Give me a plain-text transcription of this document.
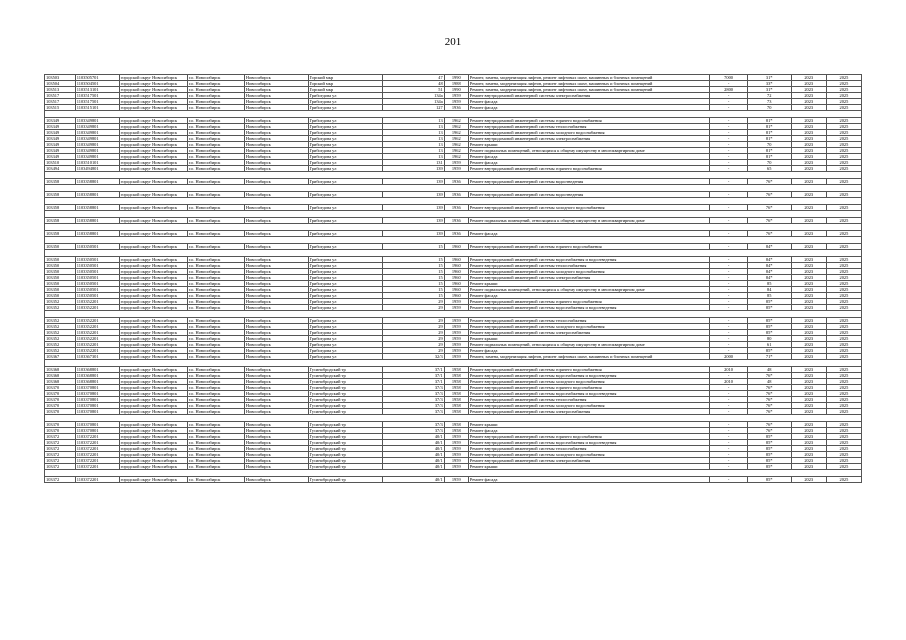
201
103503	1103505701	городской округ Новосибирск	г.о. Новосибирск	Новосибирск	Горский мкр	47	1990	Ремонт, замена, модернизация лифтов, ремонт лифтовых шахт, машинных и блочных помещений	7000	31*	2023	2025
103504	1103504501	городской округ Новосибирск	г.о. Новосибирск	Новосибирск	Горский мкр	48	1988	Ремонт, замена, модернизация лифтов, ремонт лифтовых шахт, машинных и блочных помещений	-	33*	2023	2025
103513	1103513101	городской округ Новосибирск	г.о. Новосибирск	Новосибирск	Горский мкр	51	1990	Ремонт, замена, модернизация лифтов, ремонт лифтовых шахт, машинных и блочных помещений	2800	31*	2023	2025
103517	1103517501	городской округ Новосибирск	г.о. Новосибирск	Новосибирск	Грибоедова ул	134а	1959	Ремонт внутридомовой инженерной системы электроснабжения	-	72	2023	2025
103517	1103517501	городской округ Новосибирск	г.о. Новосибирск	Новосибирск	Грибоедова ул	134а	1959	Ремонт фасада	-	73	2023	2025
103515	1103515101	городской округ Новосибирск	г.о. Новосибирск	Новосибирск	Грибоедова ул	127	1936	Ремонт фасада	-	70	2023	2025

103349	1103349801	городской округ Новосибирск	г.о. Новосибирск	Новосибирск	Грибоедова ул	13	1962	Ремонт внутридомовой инженерной системы горячего водоснабжения	-	81*	2023	2025
103349	1103349801	городской округ Новосибирск	г.о. Новосибирск	Новосибирск	Грибоедова ул	13	1962	Ремонт внутридомовой инженерной системы теплоснабжения	-	81*	2023	2025
103349	1103349801	городской округ Новосибирск	г.о. Новосибирск	Новосибирск	Грибоедова ул	13	1962	Ремонт внутридомовой инженерной системы холодного водоснабжения	-	81*	2023	2025
103349	1103349801	городской округ Новосибирск	г.о. Новосибирск	Новосибирск	Грибоедова ул	13	1962	Ремонт внутридомовой инженерной системы электроснабжения	-	81*	2023	2025
103349	1103349801	городской округ Новосибирск	г.о. Новосибирск	Новосибирск	Грибоедова ул	13	1962	Ремонт крыши	-	70	2023	2025
103349	1103349801	городской округ Новосибирск	г.о. Новосибирск	Новосибирск	Грибоедова ул	13	1962	Ремонт подвальных помещений, относящихся к общему имуществу в многоквартирном доме	-	81*	2023	2025
103349	1103349801	городской округ Новосибирск	г.о. Новосибирск	Новосибирск	Грибоедова ул	13	1962	Ремонт фасада	-	81*	2023	2025
103510	1103510101	городской округ Новосибирск	г.о. Новосибирск	Новосибирск	Грибоедова ул	131	1959	Ремонт фасада	-	70	2023	2025
103494	1103494801	городской округ Новосибирск	г.о. Новосибирск	Новосибирск	Грибоедова ул	139	1959	Ремонт внутридомовой инженерной системы горячего водоснабжения	-	65	2023	2025

103358	1103358801	городской округ Новосибирск	г.о. Новосибирск	Новосибирск	Грибоедова ул	139	1936	Ремонт внутридомовой инженерной системы водоотведения	-	76*	2023	2025

103358	1103358801	городской округ Новосибирск	г.о. Новосибирск	Новосибирск	Грибоедова ул	139	1936	Ремонт внутридомовой инженерной системы водоотведения	-	76*	2023	2025

103358	1103358801	городской округ Новосибирск	г.о. Новосибирск	Новосибирск	Грибоедова ул	139	1936	Ремонт внутридомовой инженерной системы холодного водоснабжения	-	76*	2023	2025

103358	1103358801	городской округ Новосибирск	г.о. Новосибирск	Новосибирск	Грибоедова ул	139	1936	Ремонт подвальных помещений, относящихся к общему имуществу в многоквартирном доме	-	76*	2023	2025

103358	1103358801	городской округ Новосибирск	г.о. Новосибирск	Новосибирск	Грибоедова ул	139	1936	Ремонт фасада	-	76*	2023	2025

103350	1103350501	городской округ Новосибирск	г.о. Новосибирск	Новосибирск	Грибоедова ул	15	1960	Ремонт внутридомовой инженерной системы горячего водоснабжения	-	84*	2023	2025

103350	1103350501	городской округ Новосибирск	г.о. Новосибирск	Новосибирск	Грибоедова ул	15	1960	Ремонт внутридомовой инженерной системы водоснабжения и водоотведения	-	84*	2023	2025
103350	1103350501	городской округ Новосибирск	г.о. Новосибирск	Новосибирск	Грибоедова ул	15	1960	Ремонт внутридомовой инженерной системы теплоснабжения	-	84*	2023	2025
103350	1103350501	городской округ Новосибирск	г.о. Новосибирск	Новосибирск	Грибоедова ул	15	1960	Ремонт внутридомовой инженерной системы холодного водоснабжения	-	84*	2023	2025
103350	1103350501	городской округ Новосибирск	г.о. Новосибирск	Новосибирск	Грибоедова ул	15	1960	Ремонт внутридомовой инженерной системы электроснабжения	-	84*	2023	2025
103350	1103350501	городской округ Новосибирск	г.о. Новосибирск	Новосибирск	Грибоедова ул	15	1960	Ремонт крыши	-	85	2023	2025
103350	1103350501	городской округ Новосибирск	г.о. Новосибирск	Новосибирск	Грибоедова ул	15	1960	Ремонт подвальных помещений, относящихся к общему имуществу в многоквартирном доме	-	84	2023	2025
103350	1103350501	городской округ Новосибирск	г.о. Новосибирск	Новосибирск	Грибоедова ул	15	1960	Ремонт фасада	-	85	2023	2025
103352	1103352201	городской округ Новосибирск	г.о. Новосибирск	Новосибирск	Грибоедова ул	29	1959	Ремонт внутридомовой инженерной системы горячего водоснабжения	-	85*	2023	2025
103352	1103352201	городской округ Новосибирск	г.о. Новосибирск	Новосибирск	Грибоедова ул	29	1959	Ремонт внутридомовой инженерной системы водоснабжения и водоотведения	-	85*	2023	2025

103352	1103352201	городской округ Новосибирск	г.о. Новосибирск	Новосибирск	Грибоедова ул	29	1959	Ремонт внутридомовой инженерной системы теплоснабжения	-	85*	2023	2025
103352	1103352201	городской округ Новосибирск	г.о. Новосибирск	Новосибирск	Грибоедова ул	29	1959	Ремонт внутридомовой инженерной системы холодного водоснабжения	-	85*	2023	2025
103352	1103352201	городской округ Новосибирск	г.о. Новосибирск	Новосибирск	Грибоедова ул	29	1959	Ремонт внутридомовой инженерной системы электроснабжения	-	85*	2023	2025
103352	1103352201	городской округ Новосибирск	г.о. Новосибирск	Новосибирск	Грибоедова ул	29	1959	Ремонт крыши	-	80	2023	2025
103352	1103352201	городской округ Новосибирск	г.о. Новосибирск	Новосибирск	Грибоедова ул	29	1959	Ремонт подвальных помещений, относящихся к общему имуществу в многоквартирном доме	-	61	2023	2025
103352	1103352201	городской округ Новосибирск	г.о. Новосибирск	Новосибирск	Грибоедова ул	29	1959	Ремонт фасада	-	85*	2023	2025
103367	1103367301	городской округ Новосибирск	г.о. Новосибирск	Новосибирск	Грибоедова ул	32/3	1959	Ремонт, замена, модернизация лифтов, ремонт лифтовых шахт, машинных и блочных помещений	2000	71*	2023	2025

103368	1103368801	городской округ Новосибирск	г.о. Новосибирск	Новосибирск	Гусинобродский тр	37/1	1958	Ремонт внутридомовой инженерной системы горячего водоснабжения	2010	48	2023	2025
103368	1103368801	городской округ Новосибирск	г.о. Новосибирск	Новосибирск	Гусинобродский тр	37/1	1958	Ремонт внутридомовой инженерной системы водоснабжения и водоотведения	-	76*	2023	2025
103368	1103368801	городской округ Новосибирск	г.о. Новосибирск	Новосибирск	Гусинобродский тр	37/1	1958	Ремонт внутридомовой инженерной системы холодного водоснабжения	2010	48	2023	2025
103370	1103370801	городской округ Новосибирск	г.о. Новосибирск	Новосибирск	Гусинобродский тр	37/3	1958	Ремонт внутридомовой инженерной системы горячего водоснабжения	-	76*	2023	2025
103370	1103370801	городской округ Новосибирск	г.о. Новосибирск	Новосибирск	Гусинобродский тр	37/3	1958	Ремонт внутридомовой инженерной системы водоснабжения и водоотведения	-	76*	2023	2025
103370	1103370801	городской округ Новосибирск	г.о. Новосибирск	Новосибирск	Гусинобродский тр	37/3	1958	Ремонт внутридомовой инженерной системы теплоснабжения	-	76*	2023	2025
103370	1103370801	городской округ Новосибирск	г.о. Новосибирск	Новосибирск	Гусинобродский тр	37/3	1958	Ремонт внутридомовой инженерной системы холодного водоснабжения	-	76*	2023	2025
103370	1103370801	городской округ Новосибирск	г.о. Новосибирск	Новосибирск	Гусинобродский тр	37/3	1958	Ремонт внутридомовой инженерной системы электроснабжения	-	76*	2023	2025

103370	1103370801	городской округ Новосибирск	г.о. Новосибирск	Новосибирск	Гусинобродский тр	37/3	1958	Ремонт крыши	-	76*	2023	2025
103370	1103370801	городской округ Новосибирск	г.о. Новосибирск	Новосибирск	Гусинобродский тр	37/3	1958	Ремонт фасада	-	76*	2023	2025
103372	1103372201	городской округ Новосибирск	г.о. Новосибирск	Новосибирск	Гусинобродский тр	40/1	1959	Ремонт внутридомовой инженерной системы горячего водоснабжения	-	85*	2023	2025
103372	1103372201	городской округ Новосибирск	г.о. Новосибирск	Новосибирск	Гусинобродский тр	40/1	1959	Ремонт внутридомовой инженерной системы водоснабжения и водоотведения	-	85*	2023	2025
103372	1103372201	городской округ Новосибирск	г.о. Новосибирск	Новосибирск	Гусинобродский тр	40/1	1959	Ремонт внутридомовой инженерной системы теплоснабжения	-	85*	2023	2025
103372	1103372201	городской округ Новосибирск	г.о. Новосибирск	Новосибирск	Гусинобродский тр	40/1	1959	Ремонт внутридомовой инженерной системы холодного водоснабжения	-	85*	2023	2025
103372	1103372201	городской округ Новосибирск	г.о. Новосибирск	Новосибирск	Гусинобродский тр	40/1	1959	Ремонт внутридомовой инженерной системы электроснабжения	-	85*	2023	2025
103372	1103372201	городской округ Новосибирск	г.о. Новосибирск	Новосибирск	Гусинобродский тр	40/1	1959	Ремонт крыши	-	85*	2023	2025

103372	1103372201	городской округ Новосибирск	г.о. Новосибирск	Новосибирск	Гусинобродский тр	40/1	1959	Ремонт фасада	-	85*	2023	2025
